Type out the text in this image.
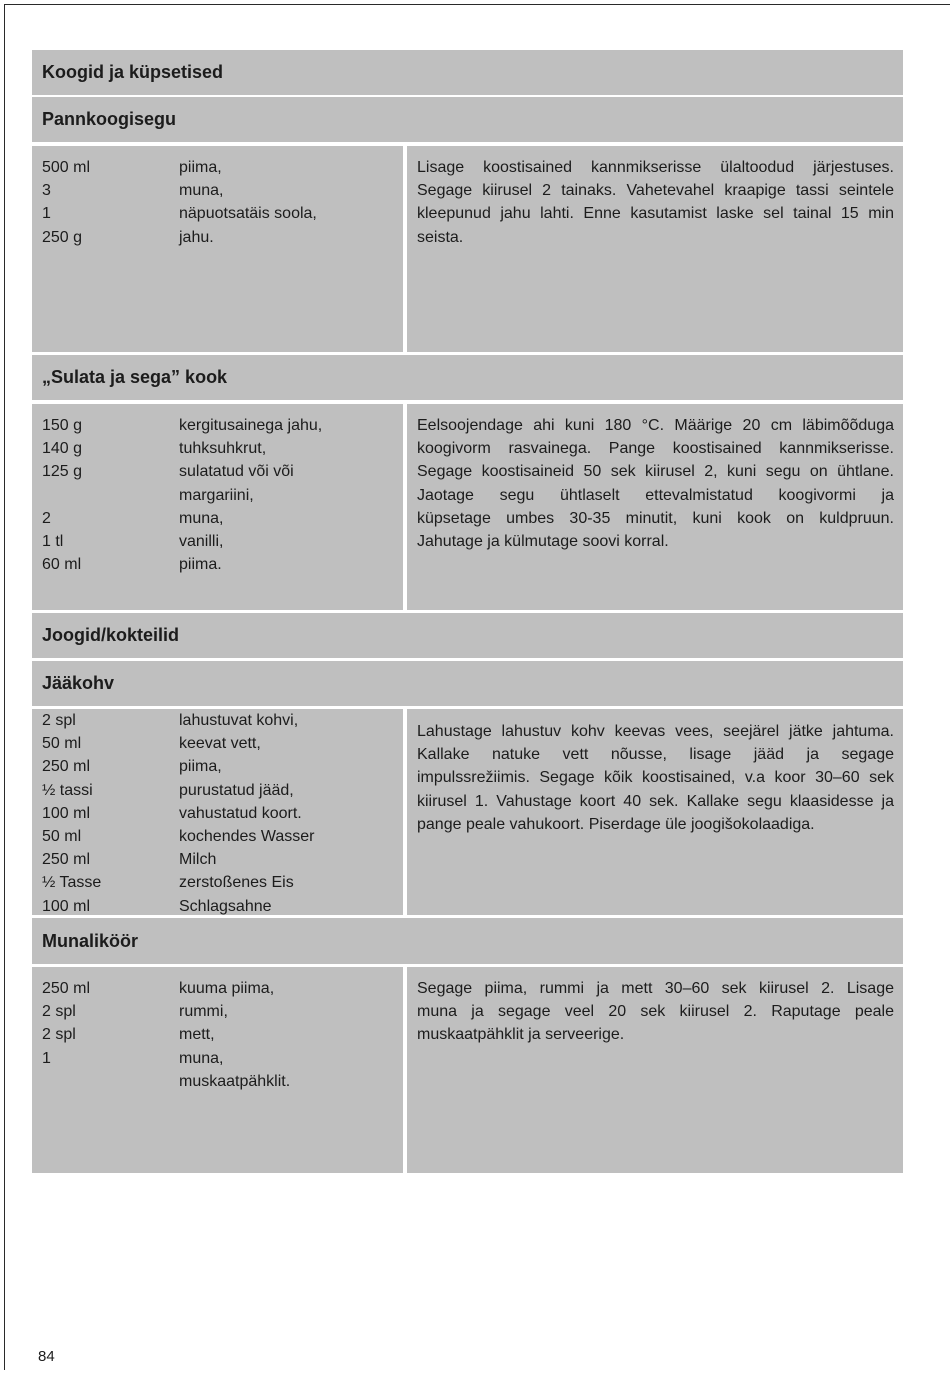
Koogid ja küpsetised
Pannkoogisegu
500 ml	piima,
3	muna,
1	näpuotsatäis soola,
250 g	jahu.
Lisage koostisained kannmikserisse ülaltoodud järjestuses.
Segage kiirusel 2 tainaks. Vahetevahel kraapige tassi seintele
kleepunud jahu lahti. Enne kasutamist laske sel tainal 15 min
seista.
„Sulata ja sega” kook
150 g	kergitusainega jahu,
140 g	tuhksuhkrut,
125 g	sulatatud või või margariini,
2	muna,
1 tl	vanilli,
60 ml	piima.
Eelsoojendage ahi kuni 180 °C. Määrige 20 cm läbimõõduga
koogivorm rasvainega. Pange koostisained kannmikserisse.
Segage koostisaineid 50 sek kiirusel 2, kuni segu on ühtlane.
Jaotage segu ühtlaselt ettevalmistatud koogivormi ja
küpsetage umbes 30-35 minutit, kuni kook on kuldpruun.
Jahutage ja külmutage soovi korral.
Joogid/kokteilid
Jääkohv
2 spl	lahustuvat kohvi,
50 ml	keevat vett,
250 ml	piima,
½ tassi	purustatud jääd,
100 ml	vahustatud koort.
50 ml	kochendes Wasser
250 ml	Milch
½ Tasse	zerstoßenes Eis
100 ml	Schlagsahne
Lahustage lahustuv kohv keevas vees, seejärel jätke jahtuma.
Kallake natuke vett nõusse, lisage jääd ja segage
impulssrežiimis. Segage kõik koostisained, v.a koor 30–60 sek
kiirusel 1. Vahustage koort 40 sek. Kallake segu klaasidesse ja
pange peale vahukoort. Piserdage üle joogišokolaadiga.
Munaliköör
250 ml	kuuma piima,
2 spl	rummi,
2 spl	mett,
1	muna,
muskaatpähklit.
Segage piima, rummi ja mett 30–60 sek kiirusel 2. Lisage
muna ja segage veel 20 sek kiirusel 2. Raputage peale
muskaatpähklit ja serveerige.
84
